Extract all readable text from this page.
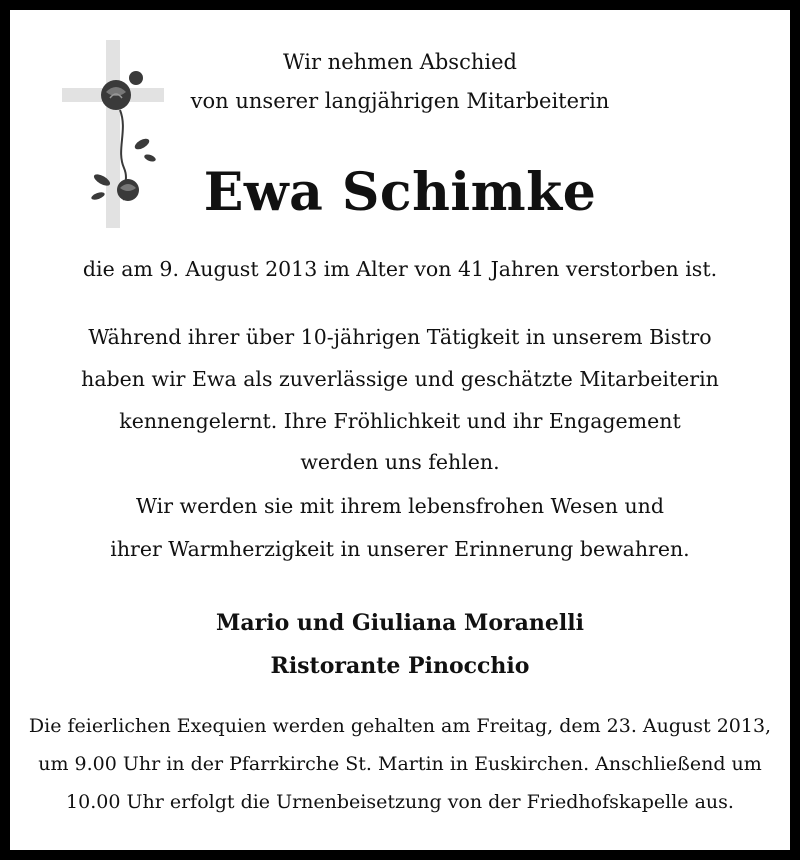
Wir nehmen Abschied

von unserer langjährigen Mitarbeiterin

Ewa Schimke

die am 9. August 2013 im Alter von 41 Jahren verstorben ist.

Während ihrer über 10-jährigen Tätigkeit in unserem Bistro

haben wir Ewa als zuverlässige und geschätzte Mitarbeiterin

kennengelernt. Ihre Fröhlichkeit und ihr Engagement

werden uns fehlen.

Wir werden sie mit ihrem lebensfrohen Wesen und

ihrer Warmherzigkeit in unserer Erinnerung bewahren.

Mario und Giuliana Moranelli

Ristorante Pinocchio

Die feierlichen Exequien werden gehalten am Freitag, dem 23. August 2013,

um 9.00 Uhr in der Pfarrkirche St. Martin in Euskirchen. Anschließend um

10.00 Uhr erfolgt die Urnenbeisetzung von der Friedhofskapelle aus.
